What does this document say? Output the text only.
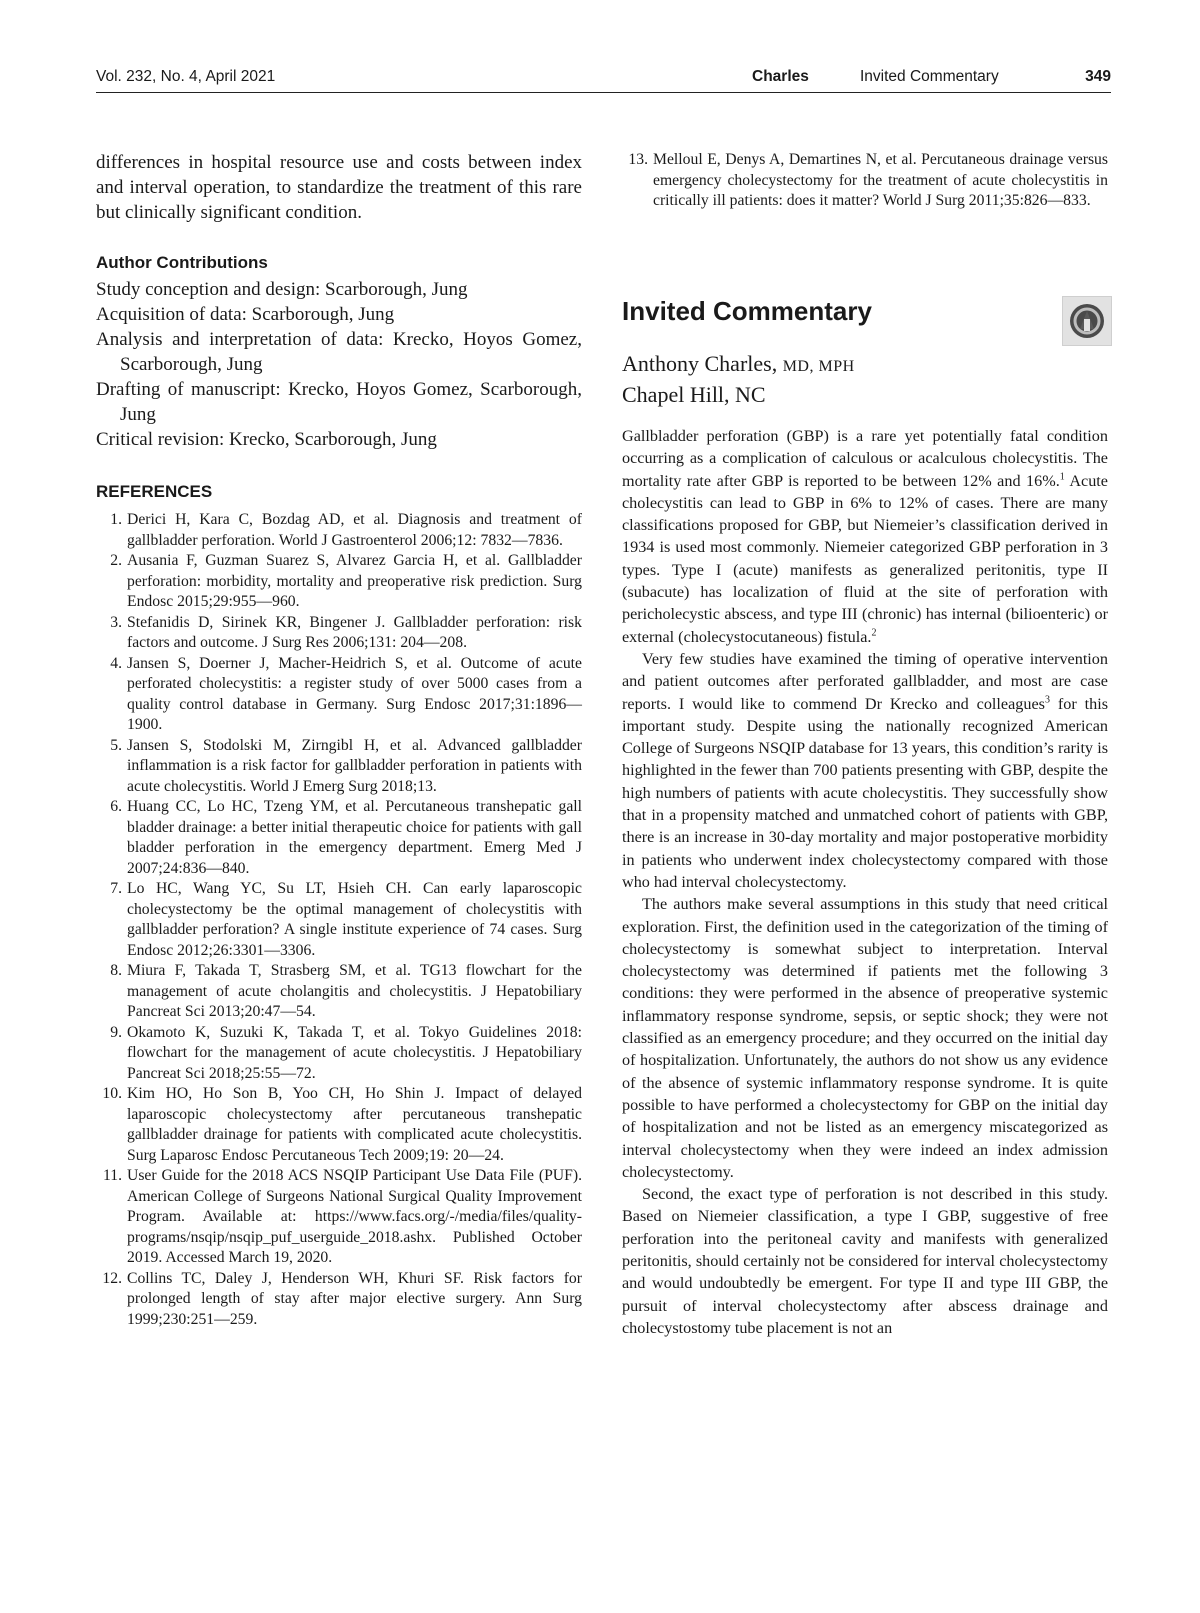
Vol. 232, No. 4, April 2021	Charles	Invited Commentary	349

differences in hospital resource use and costs between index and interval operation, to standardize the treatment of this rare but clinically significant condition.

Author Contributions

Study conception and design: Scarborough, Jung

Acquisition of data: Scarborough, Jung

Analysis and interpretation of data: Krecko, Hoyos Gomez, Scarborough, Jung

Drafting of manuscript: Krecko, Hoyos Gomez, Scarborough, Jung

Critical revision: Krecko, Scarborough, Jung

REFERENCES
1. Derici H, Kara C, Bozdag AD, et al. Diagnosis and treatment of gallbladder perforation. World J Gastroenterol 2006;12: 7832—7836.
2. Ausania F, Guzman Suarez S, Alvarez Garcia H, et al. Gallbladder perforation: morbidity, mortality and preoperative risk prediction. Surg Endosc 2015;29:955—960.
3. Stefanidis D, Sirinek KR, Bingener J. Gallbladder perforation: risk factors and outcome. J Surg Res 2006;131: 204—208.
4. Jansen S, Doerner J, Macher-Heidrich S, et al. Outcome of acute perforated cholecystitis: a register study of over 5000 cases from a quality control database in Germany. Surg Endosc 2017;31:1896—1900.
5. Jansen S, Stodolski M, Zirngibl H, et al. Advanced gallbladder inflammation is a risk factor for gallbladder perforation in patients with acute cholecystitis. World J Emerg Surg 2018;13.
6. Huang CC, Lo HC, Tzeng YM, et al. Percutaneous transhepatic gall bladder drainage: a better initial therapeutic choice for patients with gall bladder perforation in the emergency department. Emerg Med J 2007;24:836—840.
7. Lo HC, Wang YC, Su LT, Hsieh CH. Can early laparoscopic cholecystectomy be the optimal management of cholecystitis with gallbladder perforation? A single institute experience of 74 cases. Surg Endosc 2012;26:3301—3306.
8. Miura F, Takada T, Strasberg SM, et al. TG13 flowchart for the management of acute cholangitis and cholecystitis. J Hepatobiliary Pancreat Sci 2013;20:47—54.
9. Okamoto K, Suzuki K, Takada T, et al. Tokyo Guidelines 2018: flowchart for the management of acute cholecystitis. J Hepatobiliary Pancreat Sci 2018;25:55—72.
10. Kim HO, Ho Son B, Yoo CH, Ho Shin J. Impact of delayed laparoscopic cholecystectomy after percutaneous transhepatic gallbladder drainage for patients with complicated acute cholecystitis. Surg Laparosc Endosc Percutaneous Tech 2009;19: 20—24.
11. User Guide for the 2018 ACS NSQIP Participant Use Data File (PUF). American College of Surgeons National Surgical Quality Improvement Program. Available at: https://www.facs.org/-/media/files/quality-programs/nsqip/nsqip_puf_userguide_2018.ashx. Published October 2019. Accessed March 19, 2020.
12. Collins TC, Daley J, Henderson WH, Khuri SF. Risk factors for prolonged length of stay after major elective surgery. Ann Surg 1999;230:251—259.
13. Melloul E, Denys A, Demartines N, et al. Percutaneous drainage versus emergency cholecystectomy for the treatment of acute cholecystitis in critically ill patients: does it matter? World J Surg 2011;35:826—833.
Invited Commentary
Anthony Charles, MD, MPH
Chapel Hill, NC

Gallbladder perforation (GBP) is a rare yet potentially fatal condition occurring as a complication of calculous or acalculous cholecystitis. The mortality rate after GBP is reported to be between 12% and 16%.$^1$ Acute cholecystitis can lead to GBP in 6% to 12% of cases. There are many classifications proposed for GBP, but Niemeier’s classification derived in 1934 is used most commonly. Niemeier categorized GBP perforation in 3 types. Type I (acute) manifests as generalized peritonitis, type II (subacute) has localization of fluid at the site of perforation with pericholecystic abscess, and type III (chronic) has internal (bilioenteric) or external (cholecystocutaneous) fistula.$^2$

Very few studies have examined the timing of operative intervention and patient outcomes after perforated gallbladder, and most are case reports. I would like to commend Dr Krecko and colleagues$^3$ for this important study. Despite using the nationally recognized American College of Surgeons NSQIP database for 13 years, this condition’s rarity is highlighted in the fewer than 700 patients presenting with GBP, despite the high numbers of patients with acute cholecystitis. They successfully show that in a propensity matched and unmatched cohort of patients with GBP, there is an increase in 30-day mortality and major postoperative morbidity in patients who underwent index cholecystectomy compared with those who had interval cholecystectomy.

The authors make several assumptions in this study that need critical exploration. First, the definition used in the categorization of the timing of cholecystectomy is somewhat subject to interpretation. Interval cholecystectomy was determined if patients met the following 3 conditions: they were performed in the absence of preoperative systemic inflammatory response syndrome, sepsis, or septic shock; they were not classified as an emergency procedure; and they occurred on the initial day of hospitalization. Unfortunately, the authors do not show us any evidence of the absence of systemic inflammatory response syndrome. It is quite possible to have performed a cholecystectomy for GBP on the initial day of hospitalization and not be listed as an emergency miscategorized as interval cholecystectomy when they were indeed an index admission cholecystectomy.

Second, the exact type of perforation is not described in this study. Based on Niemeier classification, a type I GBP, suggestive of free perforation into the peritoneal cavity and manifests with generalized peritonitis, should certainly not be considered for interval cholecystectomy and would undoubtedly be emergent. For type II and type III GBP, the pursuit of interval cholecystectomy after abscess drainage and cholecystostomy tube placement is not an
